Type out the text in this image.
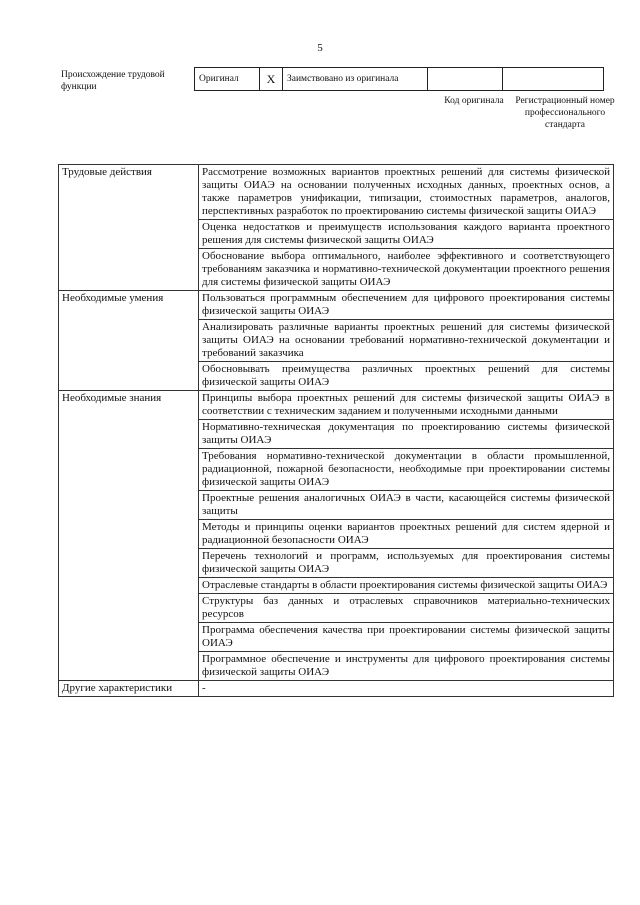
5
Происхождение трудовой функции
Оригинал	X	Заимствовано из оригинала		
Код оригинала	Регистрационный номер профессионального стандарта
Трудовые действия	Рассмотрение возможных вариантов проектных решений для системы физической защиты ОИАЭ на основании полученных исходных данных, проектных основ, а также параметров унификации, типизации, стоимостных параметров, аналогов, перспективных разработок по проектированию системы физической защиты ОИАЭ
	Оценка недостатков и преимуществ использования каждого варианта проектного решения для системы физической защиты ОИАЭ
	Обоснование выбора оптимального, наиболее эффективного и соответствующего требованиям заказчика и нормативно-технической документации проектного решения для системы физической защиты ОИАЭ
Необходимые умения	Пользоваться программным обеспечением для цифрового проектирования системы физической защиты ОИАЭ
	Анализировать различные варианты проектных решений для системы физической защиты ОИАЭ на основании требований нормативно-технической документации и требований заказчика
	Обосновывать преимущества различных проектных решений для системы физической защиты ОИАЭ
Необходимые знания	Принципы выбора проектных решений для системы физической защиты ОИАЭ в соответствии с техническим заданием и полученными исходными данными
	Нормативно-техническая документация по проектированию системы физической защиты ОИАЭ
	Требования нормативно-технической документации в области промышленной, радиационной, пожарной безопасности, необходимые при проектировании системы физической защиты ОИАЭ
	Проектные решения аналогичных ОИАЭ в части, касающейся системы физической защиты
	Методы и принципы оценки вариантов проектных решений для систем ядерной и радиационной безопасности ОИАЭ
	Перечень технологий и программ, используемых для проектирования системы физической защиты ОИАЭ
	Отраслевые стандарты в области проектирования системы физической защиты ОИАЭ
	Структуры баз данных и отраслевых справочников материально-технических ресурсов
	Программа обеспечения качества при проектировании системы физической защиты ОИАЭ
	Программное обеспечение и инструменты для цифрового проектирования системы физической защиты ОИАЭ
Другие характеристики	-
